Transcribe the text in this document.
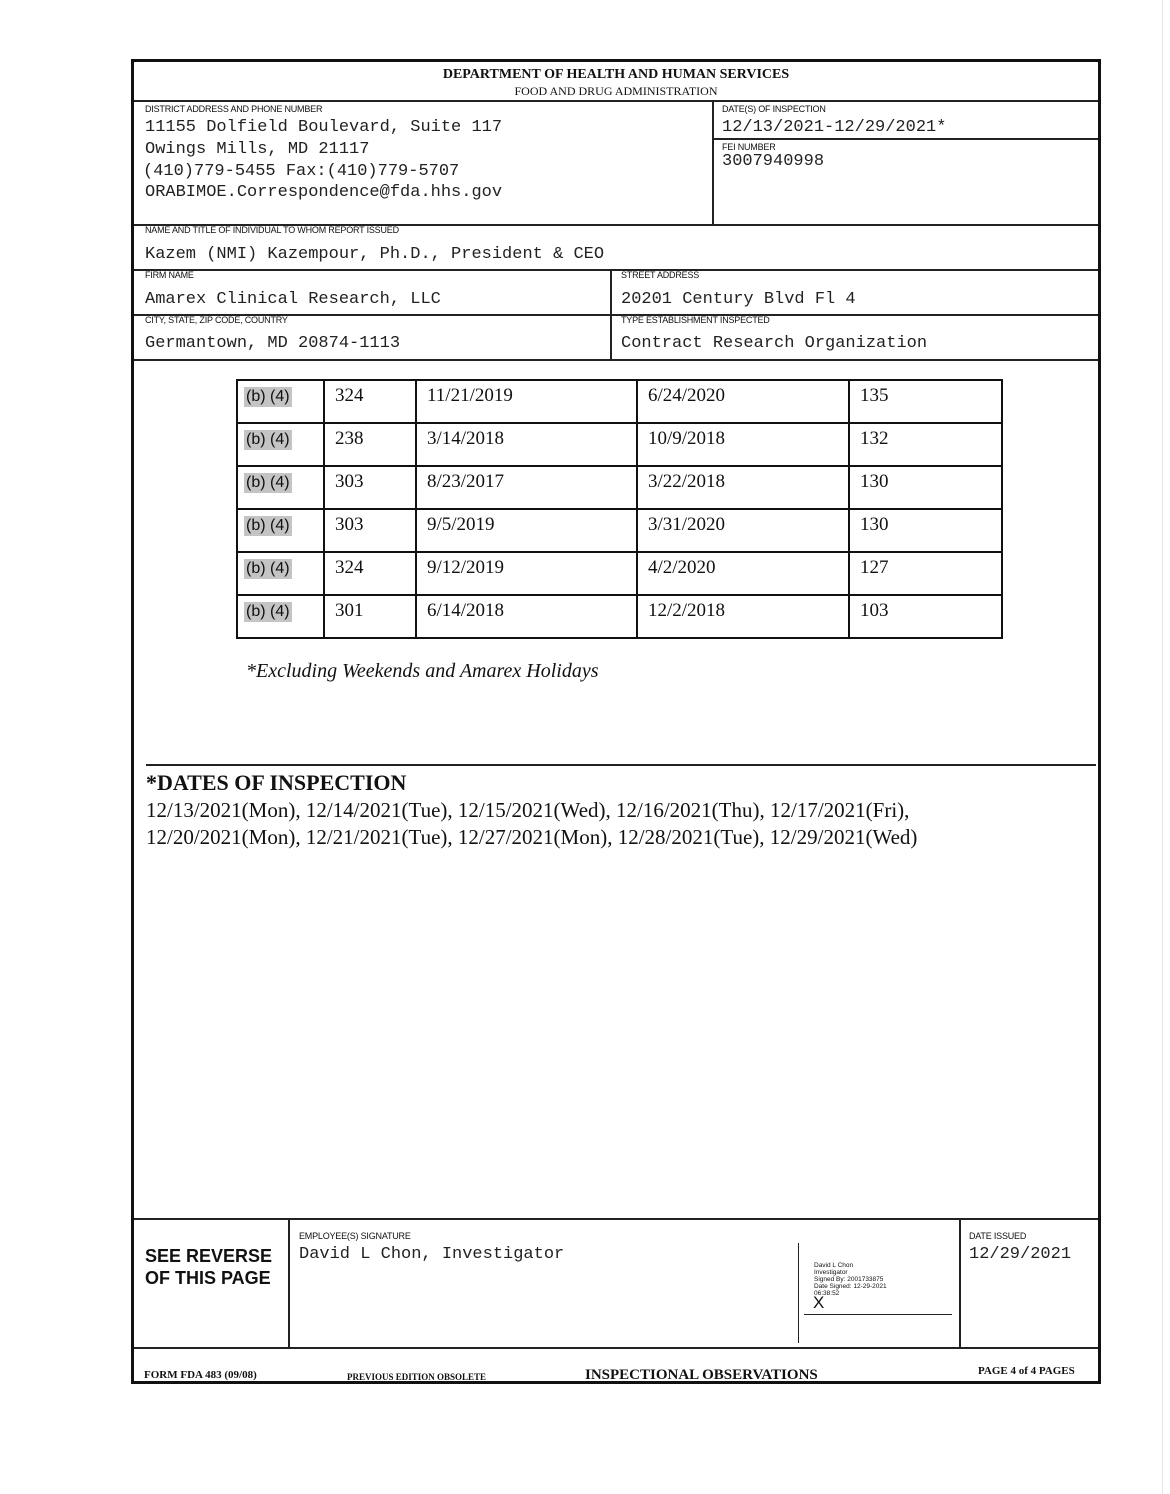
DEPARTMENT OF HEALTH AND HUMAN SERVICES
FOOD AND DRUG ADMINISTRATION
DISTRICT ADDRESS AND PHONE NUMBER
11155 Dolfield Boulevard, Suite 117
Owings Mills, MD 21117
(410)779-5455 Fax:(410)779-5707
ORABIMOE.Correspondence@fda.hhs.gov
DATE(S) OF INSPECTION
12/13/2021-12/29/2021*
FEI NUMBER
3007940998
NAME AND TITLE OF INDIVIDUAL TO WHOM REPORT ISSUED
Kazem (NMI) Kazempour, Ph.D., President & CEO
FIRM NAME
Amarex Clinical Research, LLC
STREET ADDRESS
20201 Century Blvd Fl 4
CITY, STATE, ZIP CODE, COUNTRY
Germantown, MD 20874-1113
TYPE ESTABLISHMENT INSPECTED
Contract Research Organization
(b) (4)	324	11/21/2019	6/24/2020	135
(b) (4)	238	3/14/2018	10/9/2018	132
(b) (4)	303	8/23/2017	3/22/2018	130
(b) (4)	303	9/5/2019	3/31/2020	130
(b) (4)	324	9/12/2019	4/2/2020	127
(b) (4)	301	6/14/2018	12/2/2018	103
*Excluding Weekends and Amarex Holidays
*DATES OF INSPECTION
12/13/2021(Mon), 12/14/2021(Tue), 12/15/2021(Wed), 12/16/2021(Thu), 12/17/2021(Fri),
12/20/2021(Mon), 12/21/2021(Tue), 12/27/2021(Mon), 12/28/2021(Tue), 12/29/2021(Wed)
SEE REVERSE
OF THIS PAGE
EMPLOYEE(S) SIGNATURE
David L Chon, Investigator
X
David L Chon
Investigator
Signed By: 2001733875
Date Signed: 12-29-2021
06:38:52
DATE ISSUED
12/29/2021
FORM FDA 483 (09/08)	PREVIOUS EDITION OBSOLETE	INSPECTIONAL OBSERVATIONS	PAGE 4 of 4 PAGES
